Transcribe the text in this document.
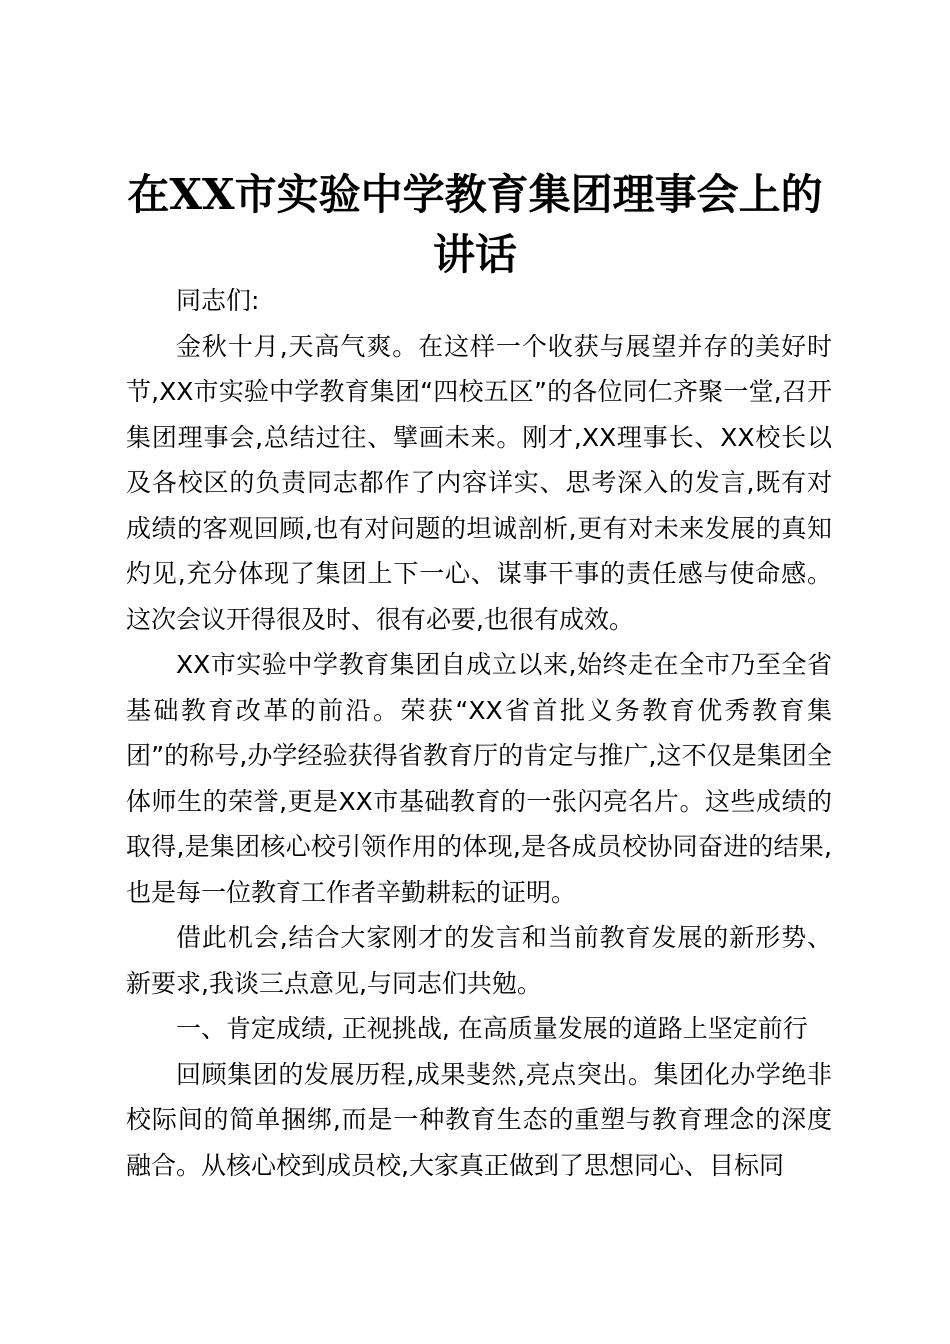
在XX市实验中学教育集团理事会上的讲话

同志们:

金秋十月,天高气爽。在这样一个收获与展望并存的美好时节,XX市实验中学教育集团“四校五区”的各位同仁齐聚一堂,召开集团理事会,总结过往、擘画未来。刚才,XX理事长、XX校长以及各校区的负责同志都作了内容详实、思考深入的发言,既有对成绩的客观回顾,也有对问题的坦诚剖析,更有对未来发展的真知灼见,充分体现了集团上下一心、谋事干事的责任感与使命感。这次会议开得很及时、很有必要,也很有成效。

XX市实验中学教育集团自成立以来,始终走在全市乃至全省基础教育改革的前沿。荣获“XX省首批义务教育优秀教育集团”的称号,办学经验获得省教育厅的肯定与推广,这不仅是集团全体师生的荣誉,更是XX市基础教育的一张闪亮名片。这些成绩的取得,是集团核心校引领作用的体现,是各成员校协同奋进的结果,也是每一位教育工作者辛勤耕耘的证明。

借此机会,结合大家刚才的发言和当前教育发展的新形势、新要求,我谈三点意见,与同志们共勉。

一、肯定成绩, 正视挑战, 在高质量发展的道路上坚定前行

回顾集团的发展历程,成果斐然,亮点突出。集团化办学绝非校际间的简单捆绑,而是一种教育生态的重塑与教育理念的深度融合。从核心校到成员校,大家真正做到了思想同心、目标同
